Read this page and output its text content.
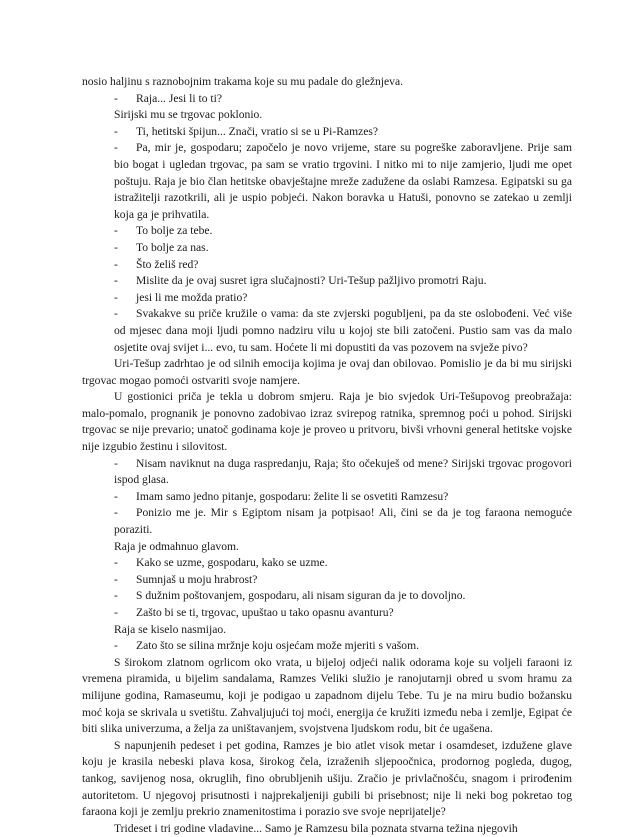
nosio haljinu s raznobojnim trakama koje su mu padale do gležnjeva.

- Raja... Jesi li to ti?

Sirijski mu se trgovac poklonio.

- Ti, hetitski špijun... Znači, vratio si se u Pi-Ramzes?

- Pa, mir je, gospodaru; započelo je novo vrijeme, stare su pogreške zaboravljene. Prije sam bio bogat i ugledan trgovac, pa sam se vratio trgovini. I nitko mi to nije zamjerio, ljudi me opet poštuju. Raja je bio član hetitske obavještajne mreže zadužene da oslabi Ramzesa. Egipatski su ga istražitelji razotkrili, ali je uspio pobjeći. Nakon boravka u Hatuši, ponovno se zatekao u zemlji koja ga je prihvatila.

- To bolje za tebe.

- To bolje za nas.

- Što želiš red?

- Mislite da je ovaj susret igra slučajnosti? Uri-Tešup pažljivo promotri Raju.

- jesi li me možda pratio?

- Svakakve su priče kružile o vama: da ste zvjerski pogubljeni, pa da ste oslobođeni. Već više od mjesec dana moji ljudi pomno nadziru vilu u kojoj ste bili zatočeni. Pustio sam vas da malo osjetite ovaj svijet i... evo, tu sam. Hoćete li mi dopustiti da vas pozovem na svježe pivo?

Uri-Tešup zadrhtao je od silnih emocija kojima je ovaj dan obilovao. Pomislio je da bi mu sirijski trgovac mogao pomoći ostvariti svoje namjere.

U gostionici priča je tekla u dobrom smjeru. Raja je bio svjedok Uri-Tešupovog preobražaja: malo-pomalo, prognanik je ponovno zadobivao izraz svirepog ratnika, spremnog poći u pohod. Sirijski trgovac se nije prevario; unatoč godinama koje je proveo u pritvoru, bivši vrhovni general hetitske vojske nije izgubio žestinu i silovitost.

- Nisam naviknut na duga raspredanju, Raja; što očekuješ od mene? Sirijski trgovac progovori ispod glasa.

- Imam samo jedno pitanje, gospodaru: želite li se osvetiti Ramzesu?

- Ponizio me je. Mir s Egiptom nisam ja potpisao! Ali, čini se da je tog faraona nemoguće poraziti.

Raja je odmahnuo glavom.

- Kako se uzme, gospodaru, kako se uzme.

- Sumnjaš u moju hrabrost?

- S dužnim poštovanjem, gospodaru, ali nisam siguran da je to dovoljno.

- Zašto bi se ti, trgovac, upuštao u tako opasnu avanturu?

Raja se kiselo nasmijao.

- Zato što se silina mržnje koju osjećam može mjeriti s vašom.

S širokom zlatnom ogrlicom oko vrata, u bijeloj odjeći nalik odorama koje su voljeli faraoni iz vremena piramida, u bijelim sandalama, Ramzes Veliki služio je ranojutarnji obred u svom hramu za milijune godina, Ramaseumu, koji je podigao u zapadnom dijelu Tebe. Tu je na miru budio božansku moć koja se skrivala u svetištu. Zahvaljujući toj moći, energija će kružiti između neba i zemlje, Egipat će biti slika univerzuma, a želja za uništavanjem, svojstvena ljudskom rodu, bit će ugašena.

S napunjenih pedeset i pet godina, Ramzes je bio atlet visok metar i osamdeset, izdužene glave koju je krasila nebeski plava kosa, širokog čela, izraženih sljepoočnica, prodornog pogleda, dugog, tankog, savijenog nosa, okruglih, fino obrubljenih ušiju. Zračio je privlačnošću, snagom i prirođenim autoritetom. U njegovoj prisutnosti i najprekaljeniji gubili bi prisebnost; nije li neki bog pokretao tog faraona koji je zemlju prekrio znamenitostima i porazio sve svoje neprijatelje?

Trideset i tri godine vladavine... Samo je Ramzesu bila poznata stvarna težina njegovih
